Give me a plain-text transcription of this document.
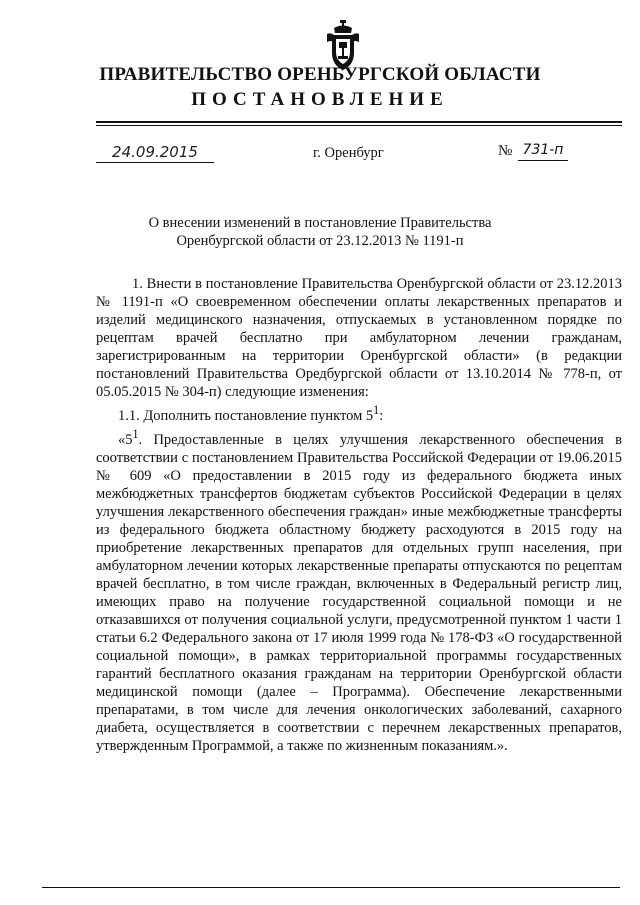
ПРАВИТЕЛЬСТВО ОРЕНБУРГСКОЙ ОБЛАСТИ
ПОСТАНОВЛЕНИЕ
24.09.2015	г. Оренбург	№ 731-п
О внесении изменений в постановление Правительства
Оренбургской области от 23.12.2013 № 1191-п

1. Внести в постановление Правительства Оренбургской области от 23.12.2013 № 1191-п «О своевременном обеспечении оплаты лекарственных препаратов и изделий медицинского назначения, отпускаемых в установленном порядке по рецептам врачей бесплатно при амбулаторном лечении гражданам, зарегистрированным на территории Оренбургской области» (в редакции постановлений Правительства Оредбургской области от 13.10.2014 № 778-п, от 05.05.2015 № 304-п) следующие изменения:

1.1. Дополнить постановление пунктом $5^1$:

«$5^1$. Предоставленные в целях улучшения лекарственного обеспечения в соответствии с постановлением Правительства Российской Федерации от 19.06.2015 № 609 «О предоставлении в 2015 году из федерального бюджета иных межбюджетных трансфертов бюджетам субъектов Российской Федерации в целях улучшения лекарственного обеспечения граждан» иные межбюджетные трансферты из федерального бюджета областному бюджету расходуются в 2015 году на приобретение лекарственных препаратов для отдельных групп населения, при амбулаторном лечении которых лекарственные препараты отпускаются по рецептам врачей бесплатно, в том числе граждан, включенных в Федеральный регистр лиц, имеющих право на получение государственной социальной помощи и не отказавшихся от получения социальной услуги, предусмотренной пунктом 1 части 1 статьи 6.2 Федерального закона от 17 июля 1999 года № 178-ФЗ «О государственной социальной помощи», в рамках территориальной программы государственных гарантий бесплатного оказания гражданам на территории Оренбургской области медицинской помощи (далее – Программа). Обеспечение лекарственными препаратами, в том числе для лечения онкологических заболеваний, сахарного диабета, осуществляется в соответствии с перечнем лекарственных препаратов, утвержденным Программой, а также по жизненным показаниям.».
